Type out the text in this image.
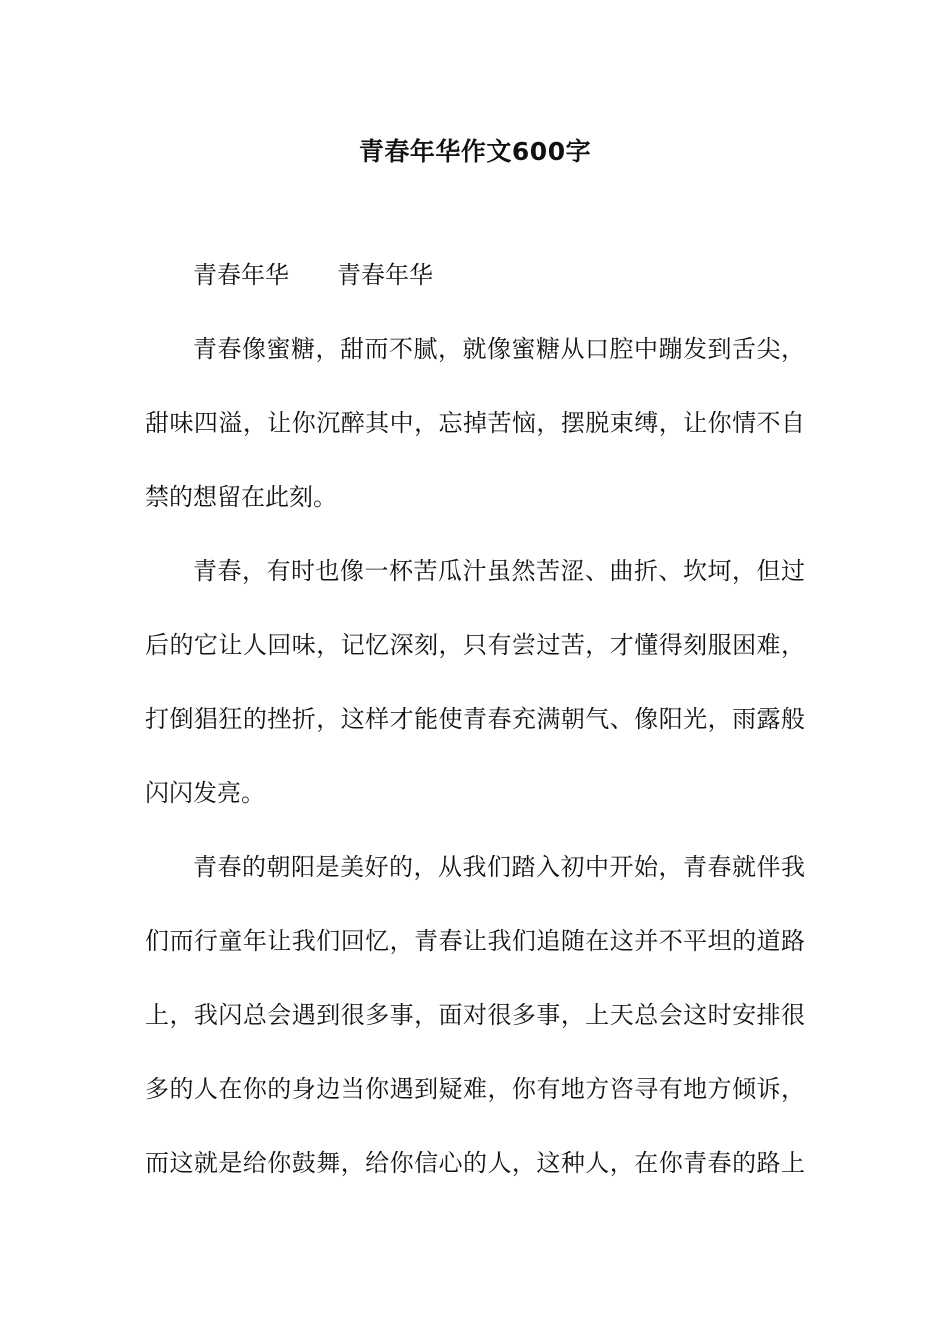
青春年华作文600字
青春年华 青春年华
青春像蜜糖，甜而不腻，就像蜜糖从口腔中蹦发到舌尖，
甜味四溢，让你沉醉其中，忘掉苦恼，摆脱束缚，让你情不自
禁的想留在此刻。
青春，有时也像一杯苦瓜汁虽然苦涩、曲折、坎坷，但过
后的它让人回味，记忆深刻，只有尝过苦，才懂得刻服困难，
打倒猖狂的挫折，这样才能使青春充满朝气、像阳光，雨露般
闪闪发亮。
青春的朝阳是美好的，从我们踏入初中开始，青春就伴我
们而行童年让我们回忆，青春让我们追随在这并不平坦的道路
上，我闪总会遇到很多事，面对很多事，上天总会这时安排很
多的人在你的身边当你遇到疑难，你有地方咨寻有地方倾诉，
而这就是给你鼓舞，给你信心的人，这种人，在你青春的路上
